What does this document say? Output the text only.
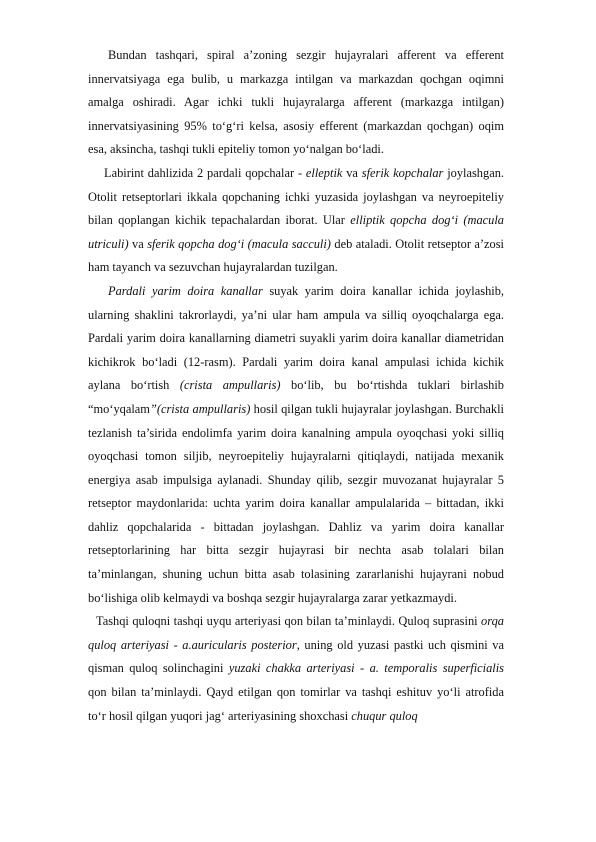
Bundan tashqari, spiral a’zoning sezgir hujayralari afferent va efferent innervatsiyaga ega bulib, u markazga intilgan va markazdan qochgan oqimni amalga oshiradi. Agar ichki tukli hujayralarga afferent (markazga intilgan) innervatsiyasining 95% to‘g‘ri kelsa, asosiy efferent (markazdan qochgan) oqim esa, aksincha, tashqi tukli epiteliy tomon yo‘nalgan bo‘ladi.

Labirint dahlizida 2 pardali qopchalar - elleptik va sferik kopchalar joylashgan. Otolit retseptorlari ikkala qopchaning ichki yuzasida joylashgan va neyroepiteliy bilan qoplangan kichik tepachalardan iborat. Ular elliptik qopcha dog‘i (macula utriculi) va sferik qopcha dog‘i (macula sacculi) deb ataladi. Otolit retseptor a’zosi ham tayanch va sezuvchan hujayralardan tuzilgan.

Pardali yarim doira kanallar suyak yarim doira kanallar ichida joylashib, ularning shaklini takrorlaydi, ya’ni ular ham ampula va silliq oyoqchalarga ega. Pardali yarim doira kanallarning diametri suyakli yarim doira kanallar diametridan kichikrok bo‘ladi (12-rasm). Pardali yarim doira kanal ampulasi ichida kichik aylana bo‘rtish (crista ampullaris) bo‘lib, bu bo‘rtishda tuklari birlashib “mo‘yqalam”(crista ampullaris) hosil qilgan tukli hujayralar joylashgan. Burchakli tezlanish ta’sirida endolimfa yarim doira kanalning ampula oyoqchasi yoki silliq oyoqchasi tomon siljib, neyroepiteliy hujayralarni qitiqlaydi, natijada mexanik energiya asab impulsiga aylanadi. Shunday qilib, sezgir muvozanat hujayralar 5 retseptor maydonlarida: uchta yarim doira kanallar ampulalarida – bittadan, ikki dahliz qopchalarida - bittadan joylashgan. Dahliz va yarim doira kanallar retseptorlarining har bitta sezgir hujayrasi bir nechta asab tolalari bilan ta’minlangan, shuning uchun bitta asab tolasining zararlanishi hujayrani nobud bo‘lishiga olib kelmaydi va boshqa sezgir hujayralarga zarar yetkazmaydi.

Tashqi quloqni tashqi uyqu arteriyasi qon bilan ta’minlaydi. Quloq suprasini orqa quloq arteriyasi - a.auricularis posterior, uning old yuzasi pastki uch qismini va qisman quloq solinchagini yuzaki chakka arteriyasi - a. temporalis superficialis qon bilan ta’minlaydi. Qayd etilgan qon tomirlar va tashqi eshituv yo‘li atrofida to‘r hosil qilgan yuqori jag‘ arteriyasining shoxchasi chuqur quloq
